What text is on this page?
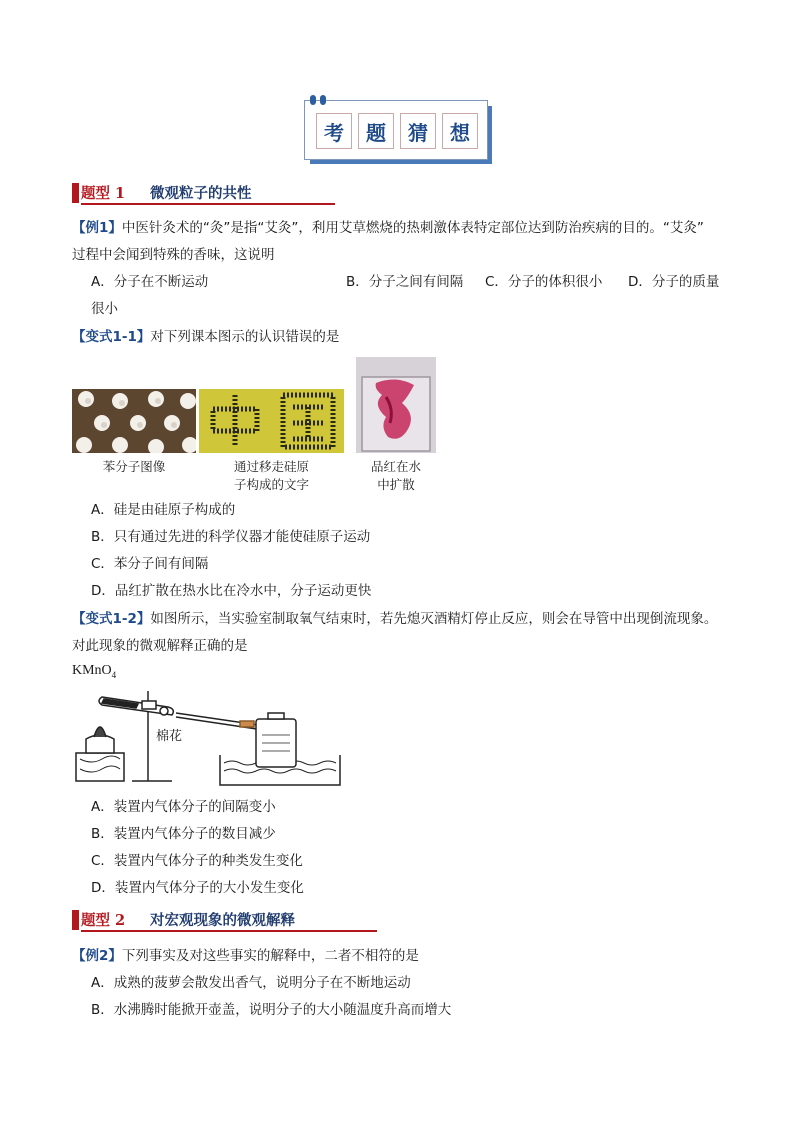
考	题	猜	想
题型 1 微观粒子的共性
【例1】中医针灸术的“灸”是指“艾灸”，利用艾草燃烧的热刺激体表特定部位达到防治疾病的目的。“艾灸”
过程中会闻到特殊的香味，这说明
A．分子在不断运动	B．分子之间有间隔 C．分子的体积很小 D．分子的质量
很小
【变式1-1】对下列课本图示的认识错误的是
苯分子图像	通过移走硅原
子构成的文字
品红在水
中扩散
A．硅是由硅原子构成的
B．只有通过先进的科学仪器才能使硅原子运动
C．苯分子间有间隔
D．品红扩散在热水比在冷水中，分子运动更快
【变式1-2】如图所示，当实验室制取氧气结束时，若先熄灭酒精灯停止反应，则会在导管中出现倒流现象。
对此现象的微观解释正确的是
KMnO$_4$
棉花
A．装置内气体分子的间隔变小
B．装置内气体分子的数目减少
C．装置内气体分子的种类发生变化
D．装置内气体分子的大小发生变化
题型 2 对宏观现象的微观解释
【例2】下列事实及对这些事实的解释中，二者不相符的是
A．成熟的菠萝会散发出香气，说明分子在不断地运动
B．水沸腾时能掀开壶盖，说明分子的大小随温度升高而增大
